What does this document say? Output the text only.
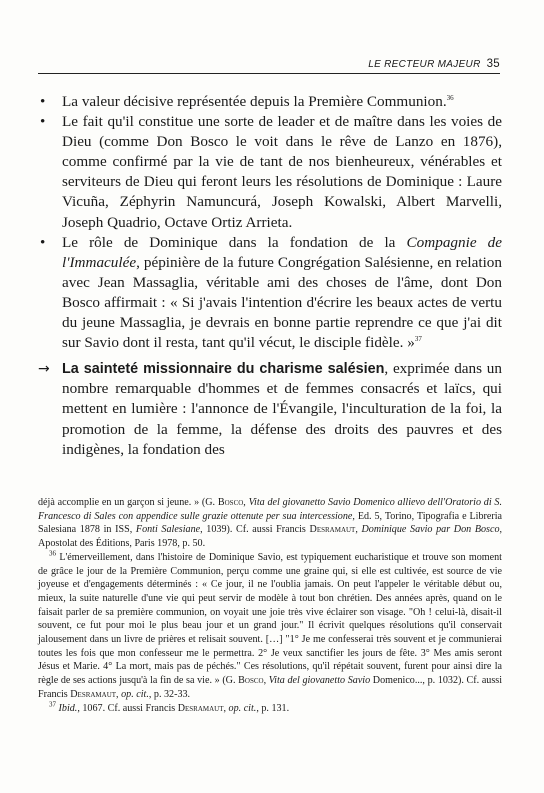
LE RECTEUR MAJEUR 35

• La valeur décisive représentée depuis la Première Communion.$^{36}$

• Le fait qu'il constitue une sorte de leader et de maître dans les voies de Dieu (comme Don Bosco le voit dans le rêve de Lanzo en 1876), comme confirmé par la vie de tant de nos bienheureux, vénérables et serviteurs de Dieu qui feront leurs les résolutions de Dominique : Laure Vicuña, Zéphyrin Namuncurá, Joseph Kowalski, Albert Marvelli, Joseph Quadrio, Octave Ortiz Arrieta.

• Le rôle de Dominique dans la fondation de la Compagnie de l'Immaculée, pépinière de la future Congrégation Salésienne, en relation avec Jean Massaglia, véritable ami des choses de l'âme, dont Don Bosco affirmait : « Si j'avais l'intention d'écrire les beaux actes de vertu du jeune Massaglia, je devrais en bonne partie reprendre ce que j'ai dit sur Savio dont il resta, tant qu'il vécut, le disciple fidèle. »$^{37}$

→ La sainteté missionnaire du charisme salésien, exprimée dans un nombre remarquable d'hommes et de femmes consacrés et laïcs, qui mettent en lumière : l'annonce de l'Évangile, l'inculturation de la foi, la promotion de la femme, la défense des droits des pauvres et des indigènes, la fondation des

déjà accomplie en un garçon si jeune. » (G. Bosco, Vita del giovanetto Savio Domenico allievo dell'Oratorio di S. Francesco di Sales con appendice sulle grazie ottenute per sua intercessione, Ed. 5, Torino, Tipografia e Libreria Salesiana 1878 in ISS, Fonti Salesiane, 1039). Cf. aussi Francis Desramaut, Dominique Savio par Don Bosco, Apostolat des Éditions, Paris 1978, p. 50.

$^{36}$ L'émerveillement, dans l'histoire de Dominique Savio, est typiquement eucharistique et trouve son moment de grâce le jour de la Première Communion, perçu comme une graine qui, si elle est cultivée, est source de vie joyeuse et d'engagements déterminés : « Ce jour, il ne l'oublia jamais. On peut l'appeler le véritable début ou, mieux, la suite naturelle d'une vie qui peut servir de modèle à tout bon chrétien. Des années après, quand on le faisait parler de sa première communion, on voyait une joie très vive éclairer son visage. "Oh ! celui-là, disait-il souvent, ce fut pour moi le plus beau jour et un grand jour." Il écrivit quelques résolutions qu'il conservait jalousement dans un livre de prières et relisait souvent. […] "1° Je me confesserai très souvent et je communierai toutes les fois que mon confesseur me le permettra. 2° Je veux sanctifier les jours de fête. 3° Mes amis seront Jésus et Marie. 4° La mort, mais pas de péchés." Ces résolutions, qu'il répétait souvent, furent pour ainsi dire la règle de ses actions jusqu'à la fin de sa vie. » (G. Bosco, Vita del giovanetto Savio Domenico..., p. 1032). Cf. aussi Francis Desramaut, op. cit., p. 32-33.

$^{37}$ Ibid., 1067. Cf. aussi Francis Desramaut, op. cit., p. 131.
